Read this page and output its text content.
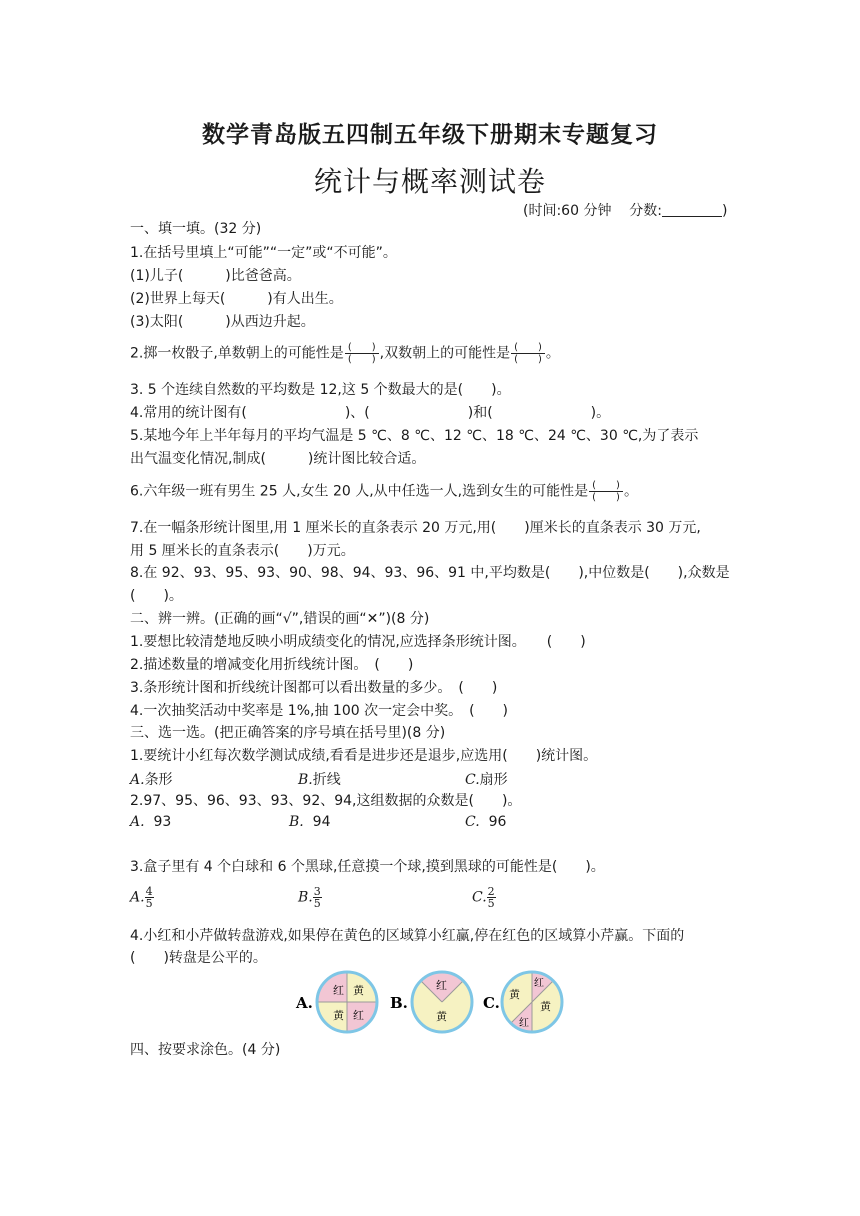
数学青岛版五四制五年级下册期末专题复习
统计与概率测试卷
(时间:60 分钟 分数:	)
一、填一填。(32 分)
1.在括号里填上“可能”“一定”或“不可能”。
(1)儿子(　　　)比爸爸高。
(2)世界上每天(　　　)有人出生。
(3)太阳(　　　)从西边升起。
2.掷一枚骰子,单数朝上的可能性是 $\frac{( )}{( )}$ ,双数朝上的可能性是 $\frac{( )}{( )}$ 。
3. 5 个连续自然数的平均数是 12,这 5 个数最大的是(　　)。
4.常用的统计图有(　　　　　　　)、(　　　　　　　)和(　　　　　　　)。
5.某地今年上半年每月的平均气温是 5 ℃、8 ℃、12 ℃、18 ℃、24 ℃、30 ℃,为了表示
出气温变化情况,制成(　　　)统计图比较合适。
6.六年级一班有男生 25 人,女生 20 人,从中任选一人,选到女生的可能性是 $\frac{( )}{( )}$ 。
7.在一幅条形统计图里,用 1 厘米长的直条表示 20 万元,用(　　)厘米长的直条表示 30 万元,
用 5 厘米长的直条表示(　　)万元。
8.在 92、93、95、93、90、98、94、93、96、91 中,平均数是(　　),中位数是(　　),众数是
(　　)。
二、辨一辨。(正确的画“√”,错误的画“✕”)(8 分)
1.要想比较清楚地反映小明成绩变化的情况,应选择条形统计图。　　(　　)
2.描述数量的增减变化用折线统计图。　(　　)
3.条形统计图和折线统计图都可以看出数量的多少。　(　　)
4.一次抽奖活动中奖率是 1%,抽 100 次一定会中奖。　(　　)
三、选一选。(把正确答案的序号填在括号里)(8 分)
1.要统计小红每次数学测试成绩,看看是进步还是退步,应选用(　　)统计图。
A.条形	B.折线	C.扇形
2.97、95、96、93、93、92、94,这组数据的众数是(　　)。
A. 93	B. 94	C. 96
3.盒子里有 4 个白球和 6 个黑球,任意摸一个球,摸到黑球的可能性是(　　)。
A. $\frac{4}{5}$	B. $\frac{3}{5}$	C. $\frac{2}{5}$
4.小红和小芹做转盘游戏,如果停在黄色的区域算小红赢,停在红色的区域算小芹赢。下面的
(　　)转盘是公平的。
A.
红 黄
黄 红
B.
红
黄
C.
红
黄
黄
红
四、按要求涂色。(4 分)
